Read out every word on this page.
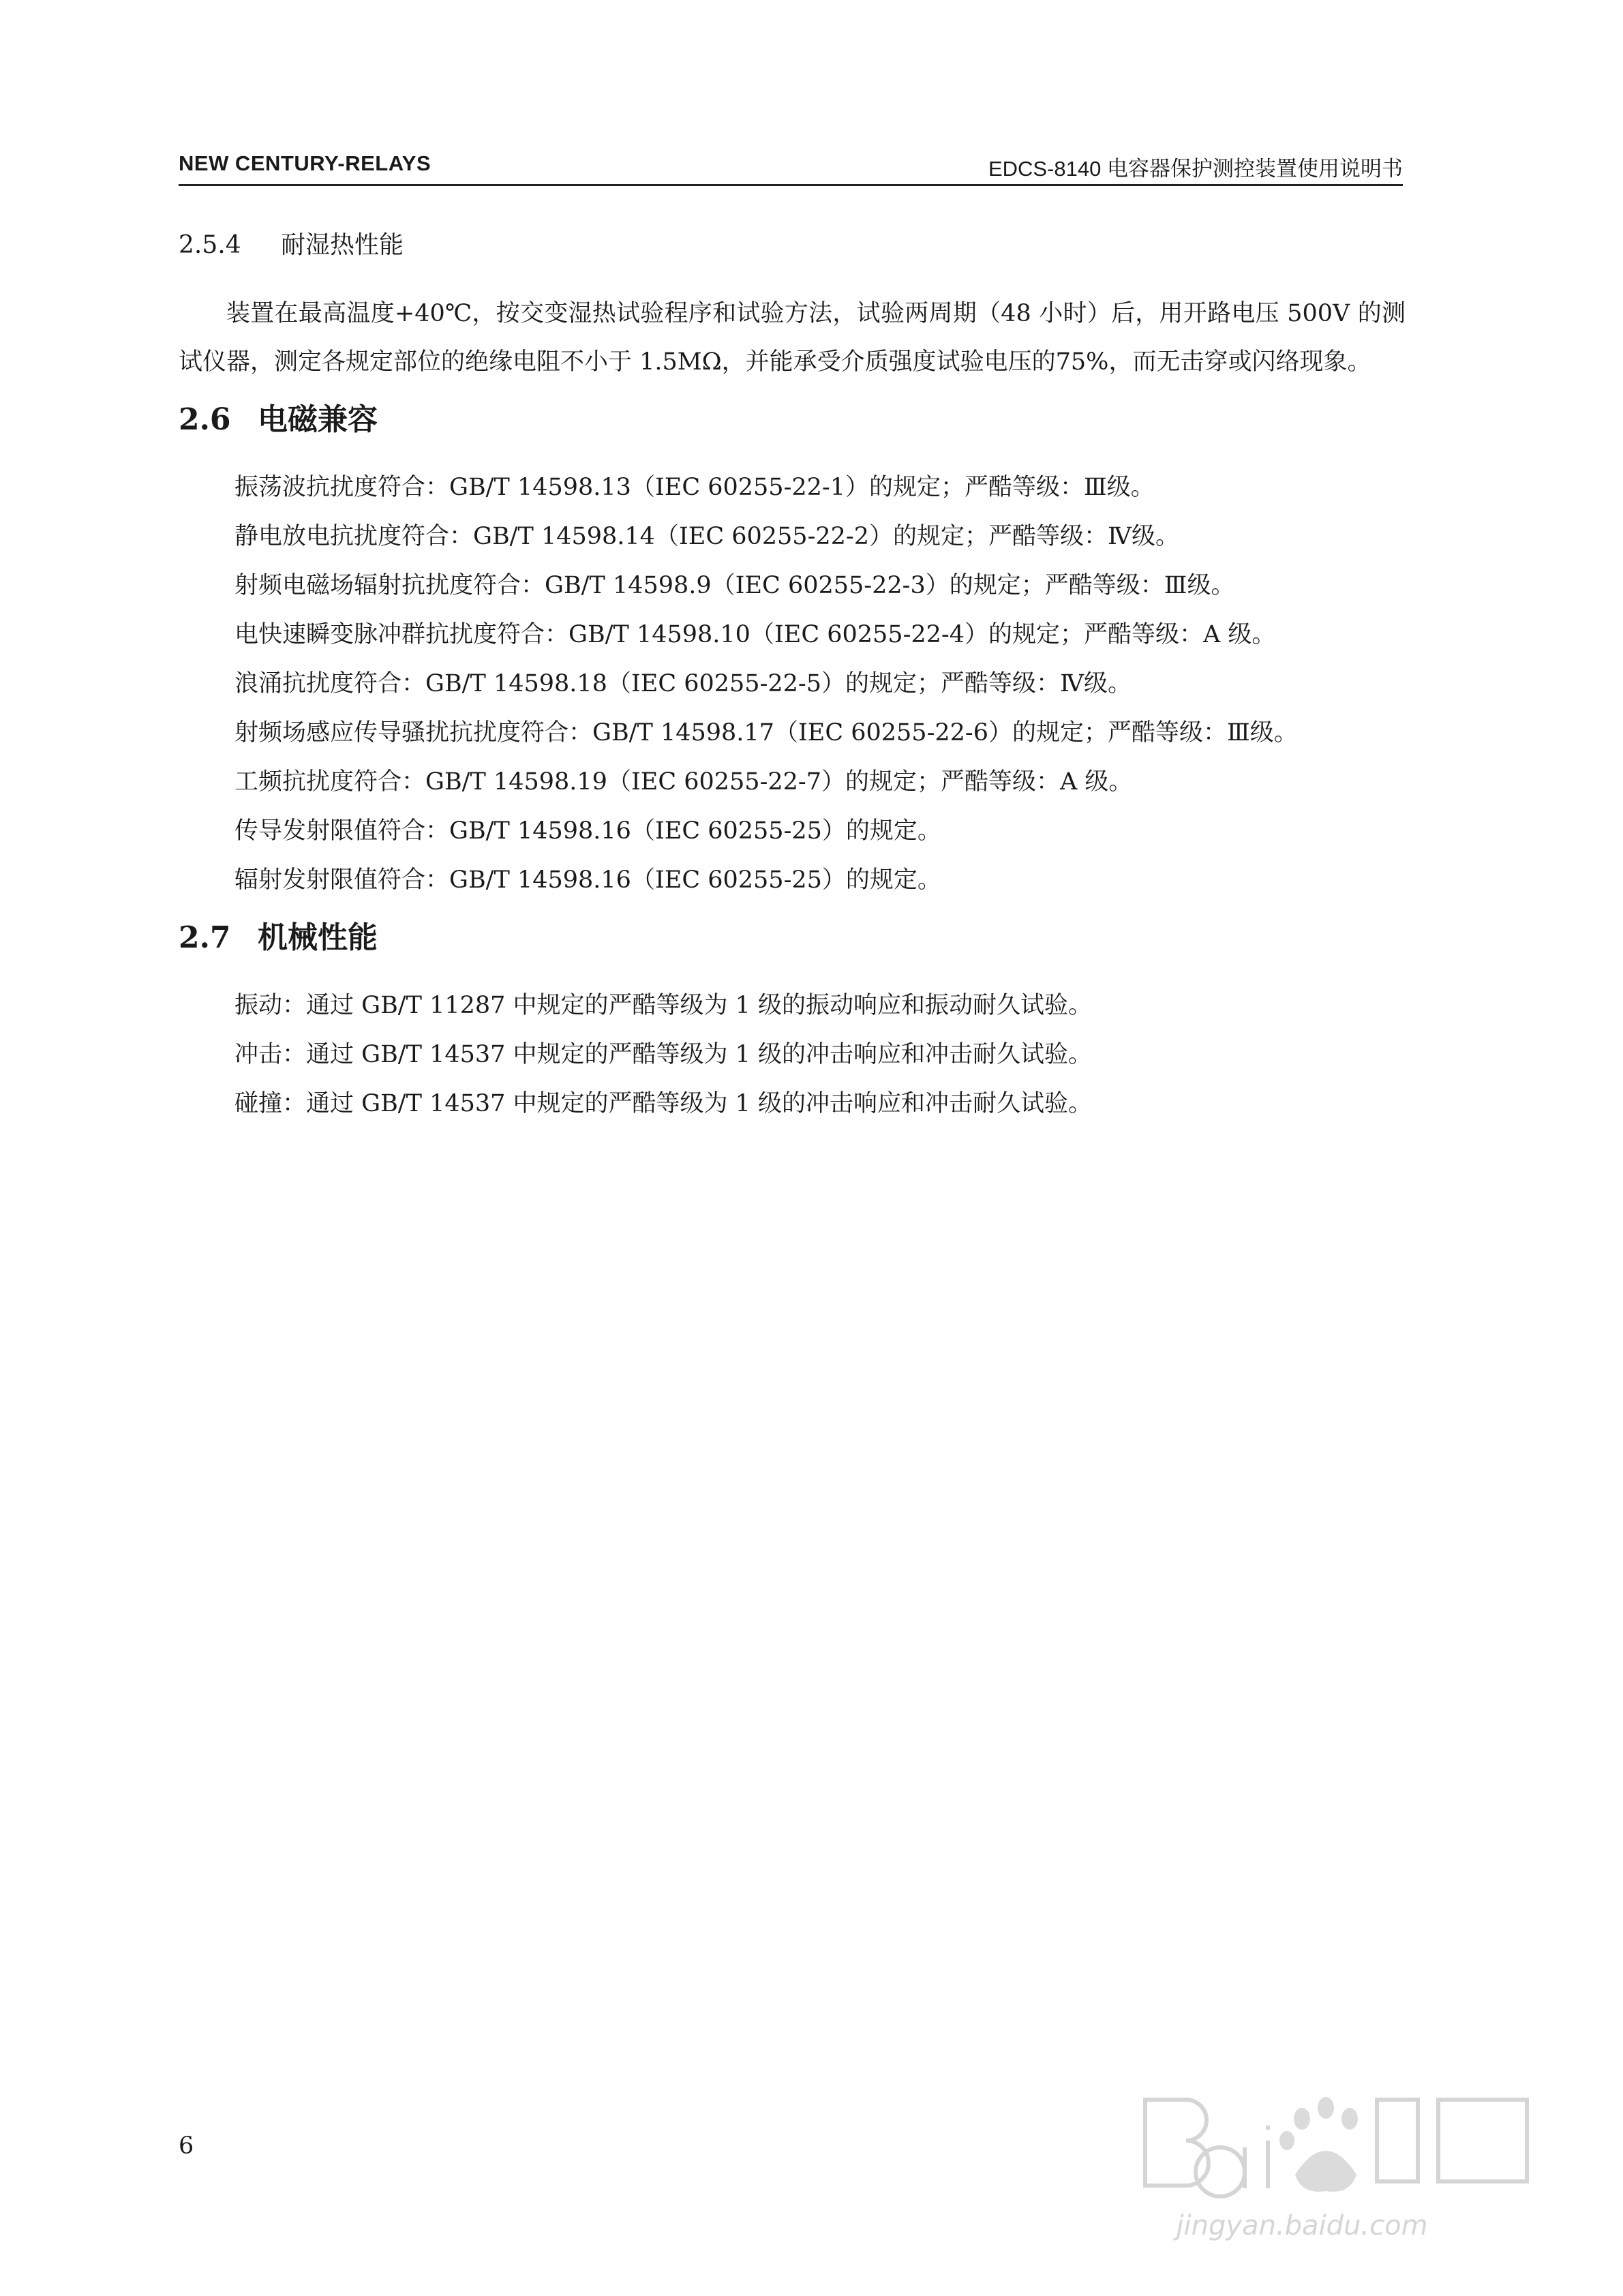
NEW CENTURY-RELAYS	EDCS-8140 电容器保护测控装置使用说明书
2.5.4 耐湿热性能

装置在最高温度+40℃，按交变湿热试验程序和试验方法，试验两周期（48 小时）后，用开路电压 500V 的测试仪器，测定各规定部位的绝缘电阻不小于 1.5MΩ，并能承受介质强度试验电压的75%，而无击穿或闪络现象。

2.6 电磁兼容
振荡波抗扰度符合：GB/T 14598.13（IEC 60255-22-1）的规定；严酷等级：Ⅲ级。
静电放电抗扰度符合：GB/T 14598.14（IEC 60255-22-2）的规定；严酷等级：Ⅳ级。
射频电磁场辐射抗扰度符合：GB/T 14598.9（IEC 60255-22-3）的规定；严酷等级：Ⅲ级。
电快速瞬变脉冲群抗扰度符合：GB/T 14598.10（IEC 60255-22-4）的规定；严酷等级：A 级。
浪涌抗扰度符合：GB/T 14598.18（IEC 60255-22-5）的规定；严酷等级：Ⅳ级。
射频场感应传导骚扰抗扰度符合：GB/T 14598.17（IEC 60255-22-6）的规定；严酷等级：Ⅲ级。
工频抗扰度符合：GB/T 14598.19（IEC 60255-22-7）的规定；严酷等级：A 级。
传导发射限值符合：GB/T 14598.16（IEC 60255-25）的规定。
辐射发射限值符合：GB/T 14598.16（IEC 60255-25）的规定。
2.7 机械性能
振动：通过 GB/T 11287 中规定的严酷等级为 1 级的振动响应和振动耐久试验。
冲击：通过 GB/T 14537 中规定的严酷等级为 1 级的冲击响应和冲击耐久试验。
碰撞：通过 GB/T 14537 中规定的严酷等级为 1 级的冲击响应和冲击耐久试验。
6
jingyan.baidu.com
